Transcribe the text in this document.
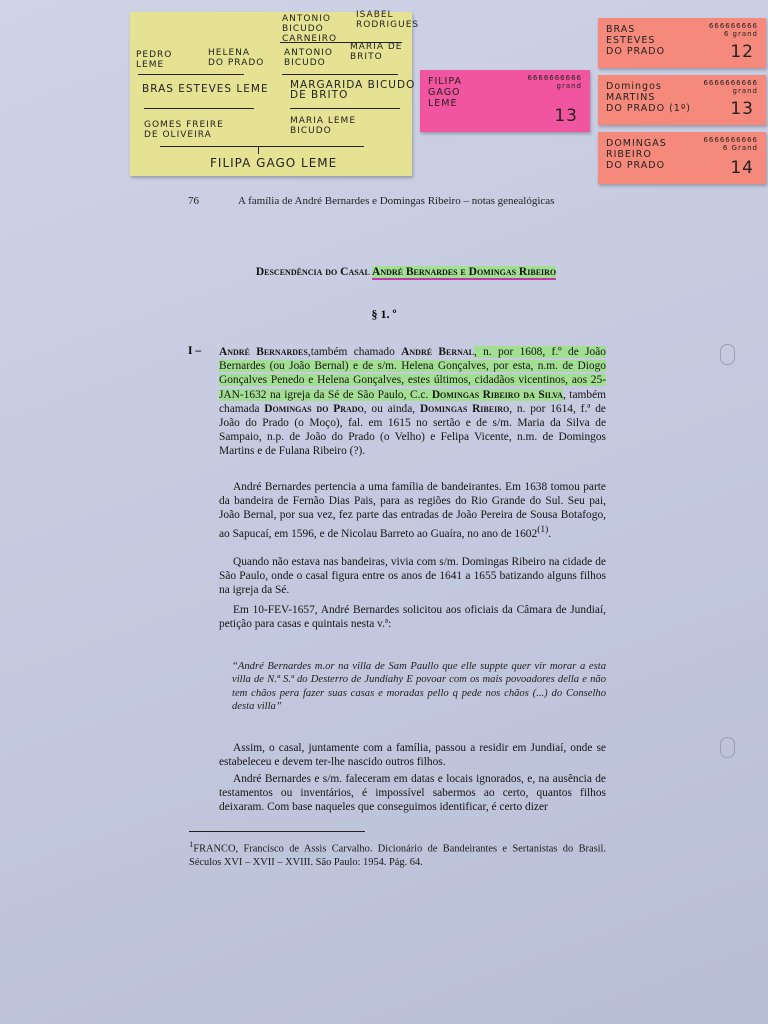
ANTONIO
BICUDO
CARNEIRO
ISABEL
RODRIGUES
PEDRO
LEME
HELENA
DO PRADO
ANTONIO
BICUDO
MARIA DE
BRITO
BRAS ESTEVES LEME MARGARIDA BICUDO
DE BRITO
GOMES FREIRE
DE OLIVEIRA
MARIA LEME
BICUDO
FILIPA GAGO LEME
FILIPA
GAGO
LEME
6666666666
grand
13
BRAS
ESTEVES
DO PRADO
666666666
6 grand
12
Domingos
MARTINS
DO PRADO (1º)
6666666666
grand
13
DOMINGAS
RIBEIRO
DO PRADO
6666666666
6 Grand
14
76	A família de André Bernardes e Domingas Ribeiro – notas genealógicas
Descendência do Casal André Bernardes e Domingas Ribeiro
§ 1. º
I – André Bernardes,também chamado André Bernal, n. por 1608, f.º de João Bernardes (ou João Bernal) e de s/m. Helena Gonçalves, por esta, n.m. de Diogo Gonçalves Penedo e Helena Gonçalves, estes últimos, cidadãos vicentinos, aos 25-JAN-1632 na igreja da Sé de São Paulo, C.c. Domingas Ribeiro da Silva, também chamada Domingas do Prado, ou ainda, Domingas Ribeiro, n. por 1614, f.ª de João do Prado (o Moço), fal. em 1615 no sertão e de s/m. Maria da Silva de Sampaio, n.p. de João do Prado (o Velho) e Felipa Vicente, n.m. de Domingos Martins e de Fulana Ribeiro (?).
André Bernardes pertencia a uma família de bandeirantes. Em 1638 tomou parte da bandeira de Fernão Dias Pais, para as regiões do Rio Grande do Sul. Seu pai, João Bernal, por sua vez, fez parte das entradas de João Pereira de Sousa Botafogo, ao Sapucaí, em 1596, e de Nicolau Barreto ao Guaíra, no ano de 1602$^{(1)}$.
Quando não estava nas bandeiras, vivia com s/m. Domingas Ribeiro na cidade de São Paulo, onde o casal figura entre os anos de 1641 a 1655 batizando alguns filhos na igreja da Sé.
Em 10-FEV-1657, André Bernardes solicitou aos oficiais da Câmara de Jundiaí, petição para casas e quintais nesta v.ª:
“André Bernardes m.or na villa de Sam Paullo que elle suppte quer vir morar a esta villa de N.ª S.ª do Desterro de Jundiahy E povoar com os mais povoadores della e não tem chãos pera fazer suas casas e moradas pello q pede nos chãos (...) do Conselho desta villa”
Assim, o casal, juntamente com a família, passou a residir em Jundiaí, onde se estabeleceu e devem ter-lhe nascido outros filhos.
André Bernardes e s/m. faleceram em datas e locais ignorados, e, na ausência de testamentos ou inventários, é impossível sabermos ao certo, quantos filhos deixaram. Com base naqueles que conseguimos identificar, é certo dizer
$^1$FRANCO, Francisco de Assis Carvalho. Dicionário de Bandeirantes e Sertanistas do Brasil. Séculos XVI – XVII – XVIII. São Paulo: 1954. Pág. 64.
